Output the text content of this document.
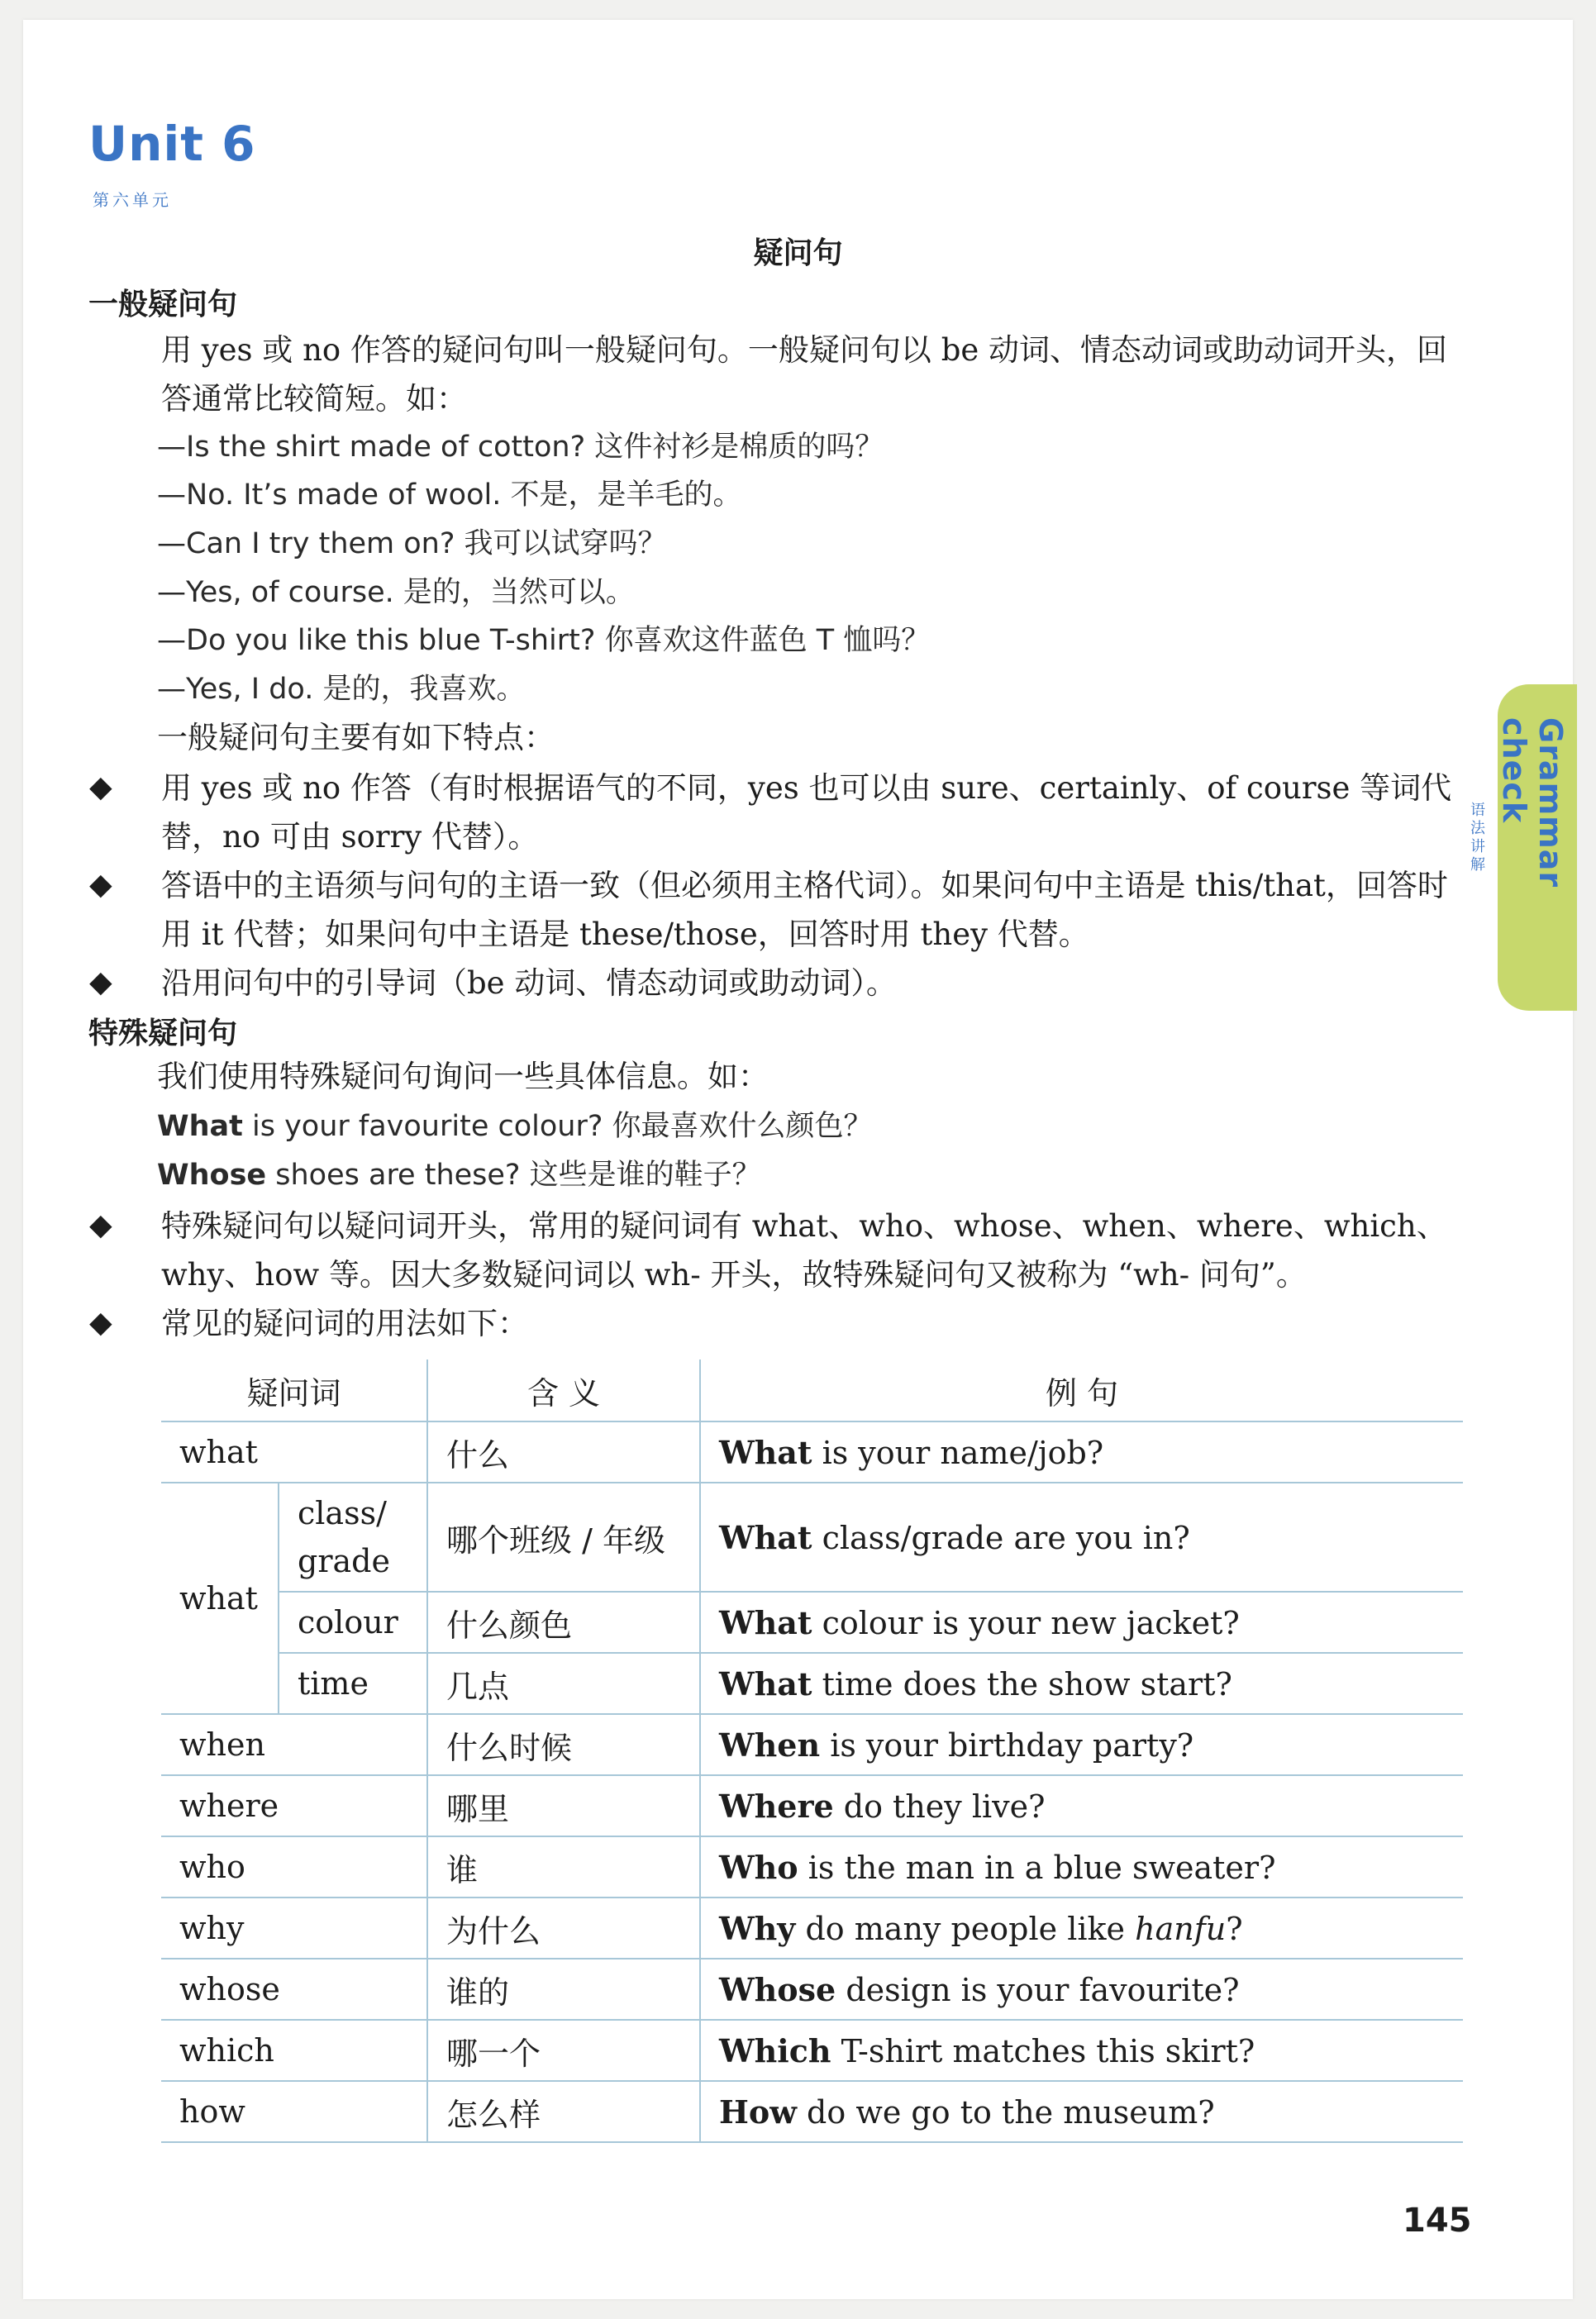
Unit 6
第六单元
疑问句
一般疑问句

用 yes 或 no 作答的疑问句叫一般疑问句。一般疑问句以 be 动词、情态动词或助动词开头，回答通常比较简短。如：

—Is the shirt made of cotton? 这件衬衫是棉质的吗？
—No. It’s made of wool. 不是，是羊毛的。
—Can I try them on? 我可以试穿吗？
—Yes, of course. 是的，当然可以。
—Do you like this blue T-shirt? 你喜欢这件蓝色 T 恤吗？
—Yes, I do. 是的，我喜欢。
一般疑问句主要有如下特点：
◆ 用 yes 或 no 作答（有时根据语气的不同，yes 也可以由 sure、certainly、of course 等词代替，no 可由 sorry 代替）。

◆ 答语中的主语须与问句的主语一致（但必须用主格代词）。如果问句中主语是 this/that，回答时用 it 代替；如果问句中主语是 these/those，回答时用 they 代替。

◆ 沿用问句中的引导词（be 动词、情态动词或助动词）。

特殊疑问句
我们使用特殊疑问句询问一些具体信息。如：
What is your favourite colour? 你最喜欢什么颜色？
Whose shoes are these? 这些是谁的鞋子？
◆ 特殊疑问句以疑问词开头，常用的疑问词有 what、who、whose、when、where、which、why、how 等。因大多数疑问词以 wh- 开头，故特殊疑问句又被称为 “wh- 问句”。

◆ 常见的疑问词的用法如下：

Grammar check
语法讲解
疑问词		含 义	例 句
what		什么	What is your name/job?
what	class/ grade	哪个班级 / 年级	What class/grade are you in?
	colour	什么颜色	What colour is your new jacket?
	time	几点	What time does the show start?
when		什么时候	When is your birthday party?
where		哪里	Where do they live?
who		谁	Who is the man in a blue sweater?
why		为什么	Why do many people like hanfu?
whose		谁的	Whose design is your favourite?
which		哪一个	Which T-shirt matches this skirt?
how		怎么样	How do we go to the museum?
145
